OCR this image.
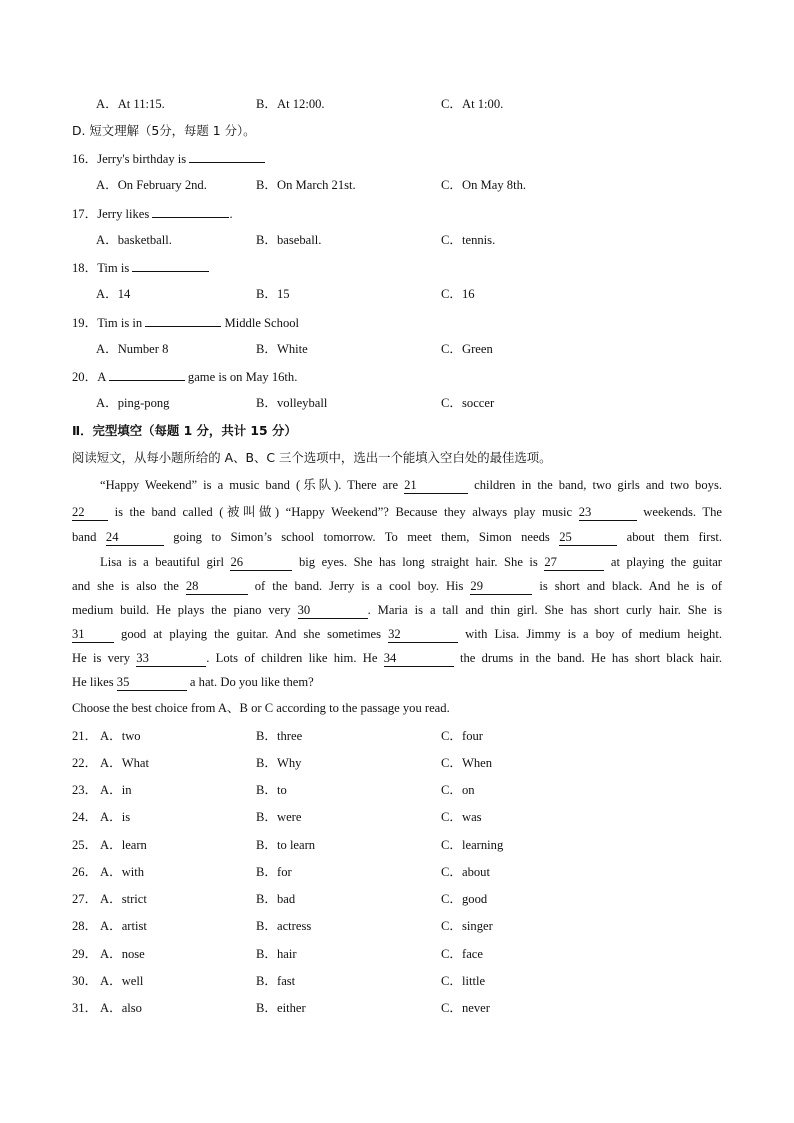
A．At 11:15.	B．At 12:00.	C．At 1:00.
D. 短文理解（5分，每题 1 分）。
16．Jerry's birthday is
A．On February 2nd.	B．On March 21st.	C．On May 8th.
17．Jerry likes	.
A．basketball.	B．baseball.	C．tennis.
18．Tim is
A．14	B．15	C．16
19．Tim is in	Middle School
A．Number 8	B．White	C．Green
20．A	game is on May 16th.
A．ping-pong	B．volleyball	C．soccer
Ⅱ．完型填空（每题 1 分，共计 15 分）
阅读短文，从每小题所给的 A、B、C 三个选项中，选出一个能填入空白处的最佳选项。
“Happy Weekend” is a music band (乐队). There are 21	children in the band, two girls and two boys.
22 is the band called (被叫做) “Happy Weekend”? Because they always play music 23	weekends. The
band 24	going to Simon’s school tomorrow. To meet them, Simon needs 25	about them first.
Lisa is a beautiful girl 26	big eyes. She has long straight hair. She is 27	at playing the guitar
and she is also the 28	of the band. Jerry is a cool boy. His 29	is short and black. And he is of
medium build. He plays the piano very 30	. Maria is a tall and thin girl. She has short curly hair. She is
31 good at playing the guitar. And she sometimes 32	with Lisa. Jimmy is a boy of medium height.
He is very 33	. Lots of children like him. He 34	the drums in the band. He has short black hair.
He likes 35	a hat. Do you like them?
Choose the best choice from A、B or C according to the passage you read.
21． A．two	B．three	C．four
22． A．What	B．Why	C．When
23． A．in	B．to	C．on
24． A．is	B．were	C．was
25． A．learn	B．to learn	C．learning
26． A．with	B．for	C．about
27． A．strict	B．bad	C．good
28． A．artist	B．actress	C．singer
29． A．nose	B．hair	C．face
30． A．well	B．fast	C．little
31． A．also	B．either	C．never
